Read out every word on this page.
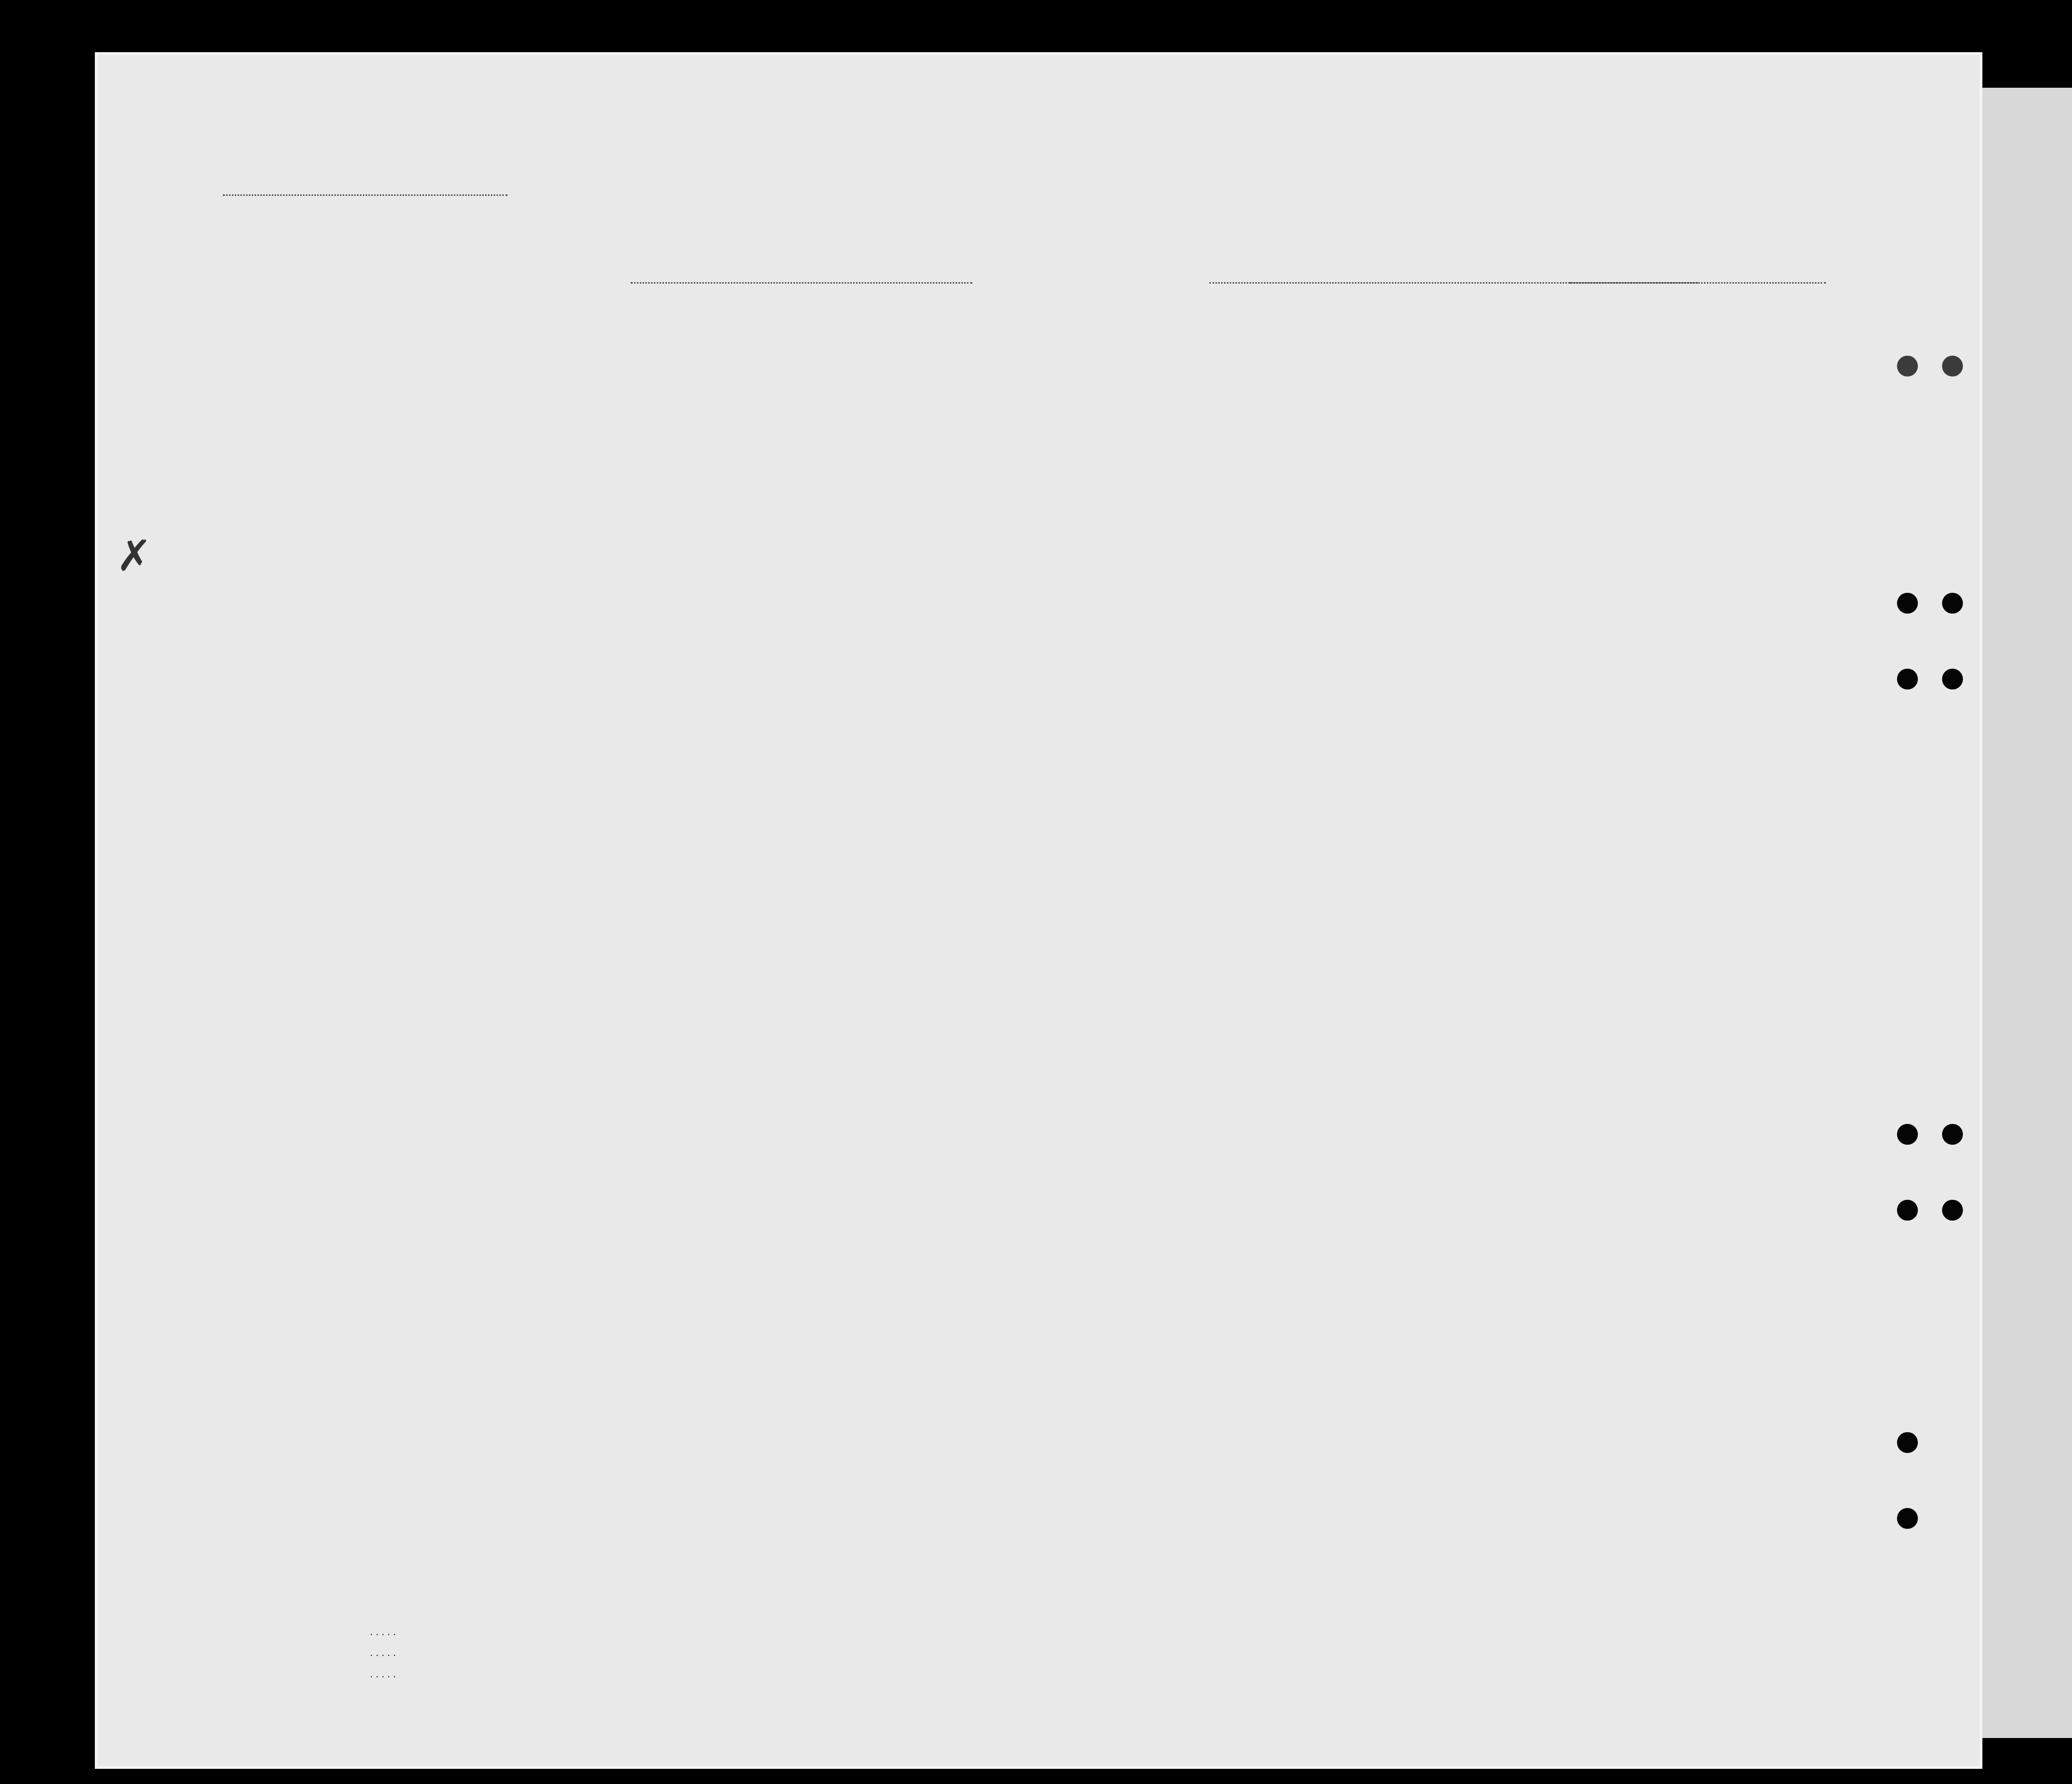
✗
. . . . .
. . . . .
. . . . .
